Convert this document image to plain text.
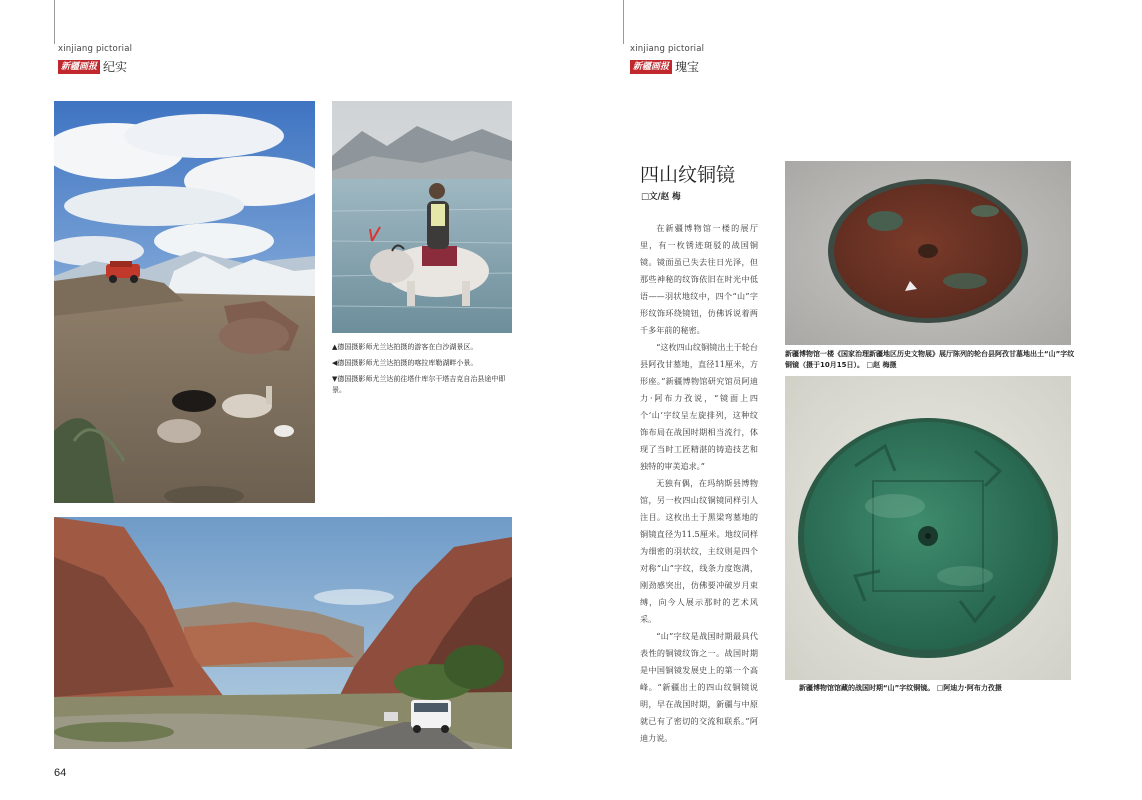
xinjiang pictorial
新疆画报 纪实

▲德国摄影师尤兰达拍摄的游客在白沙湖景区。

◀德国摄影师尤兰达拍摄的喀拉库勒湖畔小景。

▼德国摄影师尤兰达前往塔什库尔干塔吉克自治县途中即景。

64
xinjiang pictorial
新疆画报 瑰宝
四山纹铜镜
□文/赵 梅

在新疆博物馆一楼的展厅里，有一枚锈迹斑驳的战国铜镜。镜面虽已失去往日光泽，但那些神秘的纹饰依旧在时光中低语——羽状地纹中，四个“山”字形纹饰环绕镜钮，仿佛诉说着两千多年前的秘密。

“这枚四山纹铜镜出土于轮台县阿孜甘墓地，直径11厘米，方形座。”新疆博物馆研究馆员阿迪力·阿布力孜说，“镜面上四个‘山’字纹呈左旋排列，这种纹饰布局在战国时期相当流行，体现了当时工匠精湛的铸造技艺和独特的审美追求。”

无独有偶，在玛纳斯县博物馆，另一枚四山纹铜镜同样引人注目。这枚出土于黑梁弯墓地的铜镜直径为11.5厘米。地纹同样为细密的羽状纹，主纹则是四个对称“山”字纹，线条力度饱满，刚劲感突出，仿佛要冲破岁月束缚，向今人展示那时的艺术风采。

“山”字纹是战国时期最具代表性的铜镜纹饰之一。战国时期是中国铜镜发展史上的第一个高峰。“新疆出土的四山纹铜镜说明，早在战国时期，新疆与中原就已有了密切的交流和联系。”阿迪力说。

新疆博物馆一楼《国家治理新疆地区历史文物展》展厅陈列的轮台县阿孜甘墓地出土“山”字纹铜镜（摄于10月15日）。 □赵 梅摄
新疆博物馆馆藏的战国时期“山”字纹铜镜。 □阿迪力·阿布力孜摄
